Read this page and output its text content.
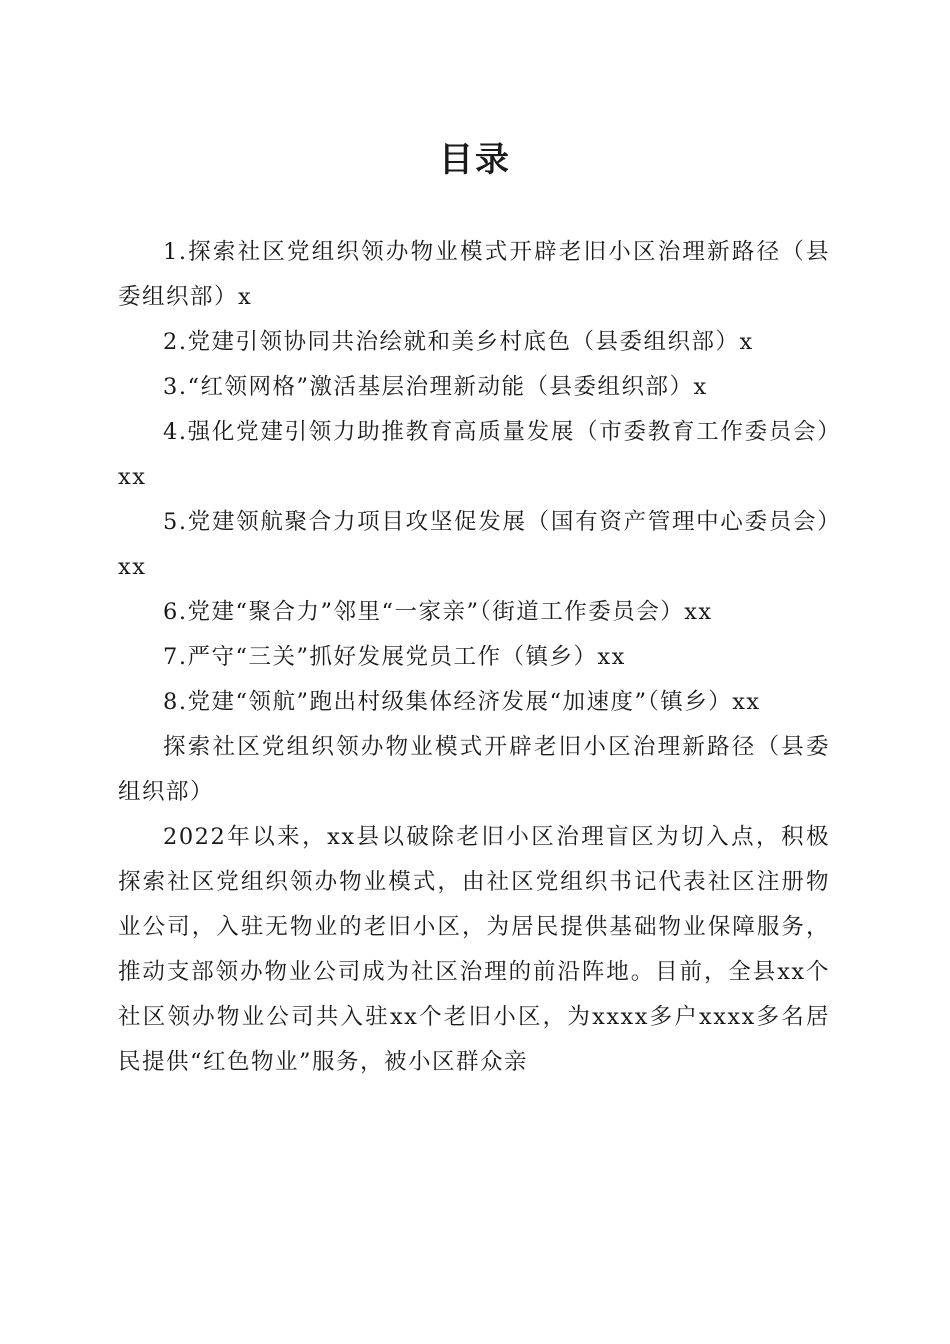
目录

1.探索社区党组织领办物业模式开辟老旧小区治理新路径（县委组织部）x

2.党建引领协同共治绘就和美乡村底色（县委组织部）x

3.“红领网格”激活基层治理新动能（县委组织部）x

4.强化党建引领力助推教育高质量发展（市委教育工作委员会）xx

5.党建领航聚合力项目攻坚促发展（国有资产管理中心委员会）xx

6.党建“聚合力”邻里“一家亲”（街道工作委员会）xx

7.严守“三关”抓好发展党员工作（镇乡）xx

8.党建“领航”跑出村级集体经济发展“加速度”（镇乡）xx

探索社区党组织领办物业模式开辟老旧小区治理新路径（县委组织部）

2022年以来，xx县以破除老旧小区治理盲区为切入点，积极探索社区党组织领办物业模式，由社区党组织书记代表社区注册物业公司，入驻无物业的老旧小区，为居民提供基础物业保障服务，推动支部领办物业公司成为社区治理的前沿阵地。目前，全县xx个社区领办物业公司共入驻xx个老旧小区，为xxxx多户xxxx多名居民提供“红色物业”服务，被小区群众亲
